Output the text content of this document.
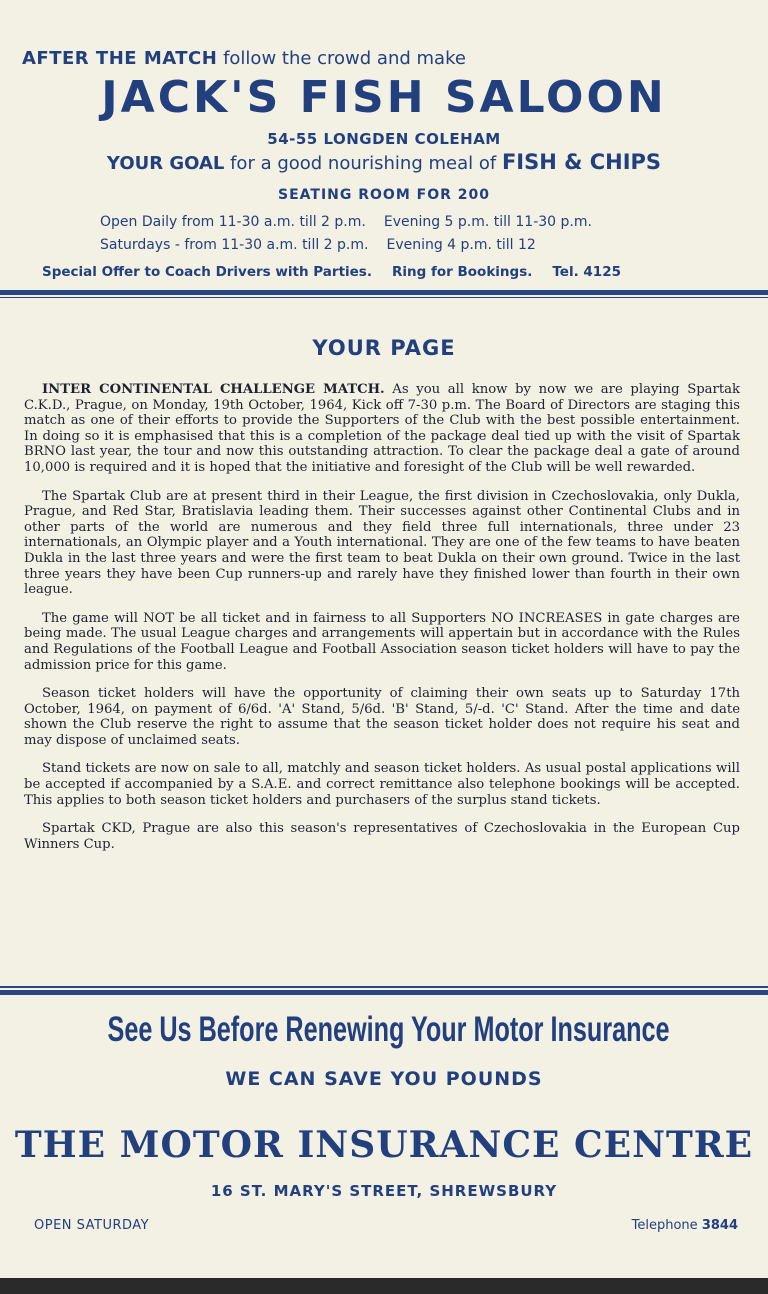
AFTER THE MATCH follow the crowd and make
JACK'S FISH SALOON
54-55 LONGDEN COLEHAM
YOUR GOAL for a good nourishing meal of FISH & CHIPS
SEATING ROOM FOR 200
Open Daily from 11-30 a.m. till 2 p.m. Evening 5 p.m. till 11-30 p.m.
Saturdays - from 11-30 a.m. till 2 p.m. Evening 4 p.m. till 12
Special Offer to Coach Drivers with Parties. Ring for Bookings. Tel. 4125
YOUR PAGE

INTER CONTINENTAL CHALLENGE MATCH. As you all know by now we are playing Spartak C.K.D., Prague, on Monday, 19th October, 1964, Kick off 7-30 p.m. The Board of Directors are staging this match as one of their efforts to provide the Supporters of the Club with the best possible entertainment. In doing so it is emphasised that this is a completion of the package deal tied up with the visit of Spartak BRNO last year, the tour and now this outstanding attraction. To clear the package deal a gate of around 10,000 is required and it is hoped that the initiative and foresight of the Club will be well rewarded.

The Spartak Club are at present third in their League, the first division in Czechoslovakia, only Dukla, Prague, and Red Star, Bratislavia leading them. Their successes against other Continental Clubs and in other parts of the world are numerous and they field three full internationals, three under 23 internationals, an Olympic player and a Youth international. They are one of the few teams to have beaten Dukla in the last three years and were the first team to beat Dukla on their own ground. Twice in the last three years they have been Cup runners-up and rarely have they finished lower than fourth in their own league.

The game will NOT be all ticket and in fairness to all Supporters NO INCREASES in gate charges are being made. The usual League charges and arrangements will appertain but in accordance with the Rules and Regulations of the Football League and Football Association season ticket holders will have to pay the admission price for this game.

Season ticket holders will have the opportunity of claiming their own seats up to Saturday 17th October, 1964, on payment of 6/6d. 'A' Stand, 5/6d. 'B' Stand, 5/-d. 'C' Stand. After the time and date shown the Club reserve the right to assume that the season ticket holder does not require his seat and may dispose of unclaimed seats.

Stand tickets are now on sale to all, matchly and season ticket holders. As usual postal applications will be accepted if accompanied by a S.A.E. and correct remittance also telephone bookings will be accepted. This applies to both season ticket holders and purchasers of the surplus stand tickets.

Spartak CKD, Prague are also this season's representatives of Czechoslovakia in the European Cup Winners Cup.

See Us Before Renewing Your Motor Insurance
WE CAN SAVE YOU POUNDS
THE MOTOR INSURANCE CENTRE
16 ST. MARY'S STREET, SHREWSBURY
OPEN SATURDAY	Telephone 3844
